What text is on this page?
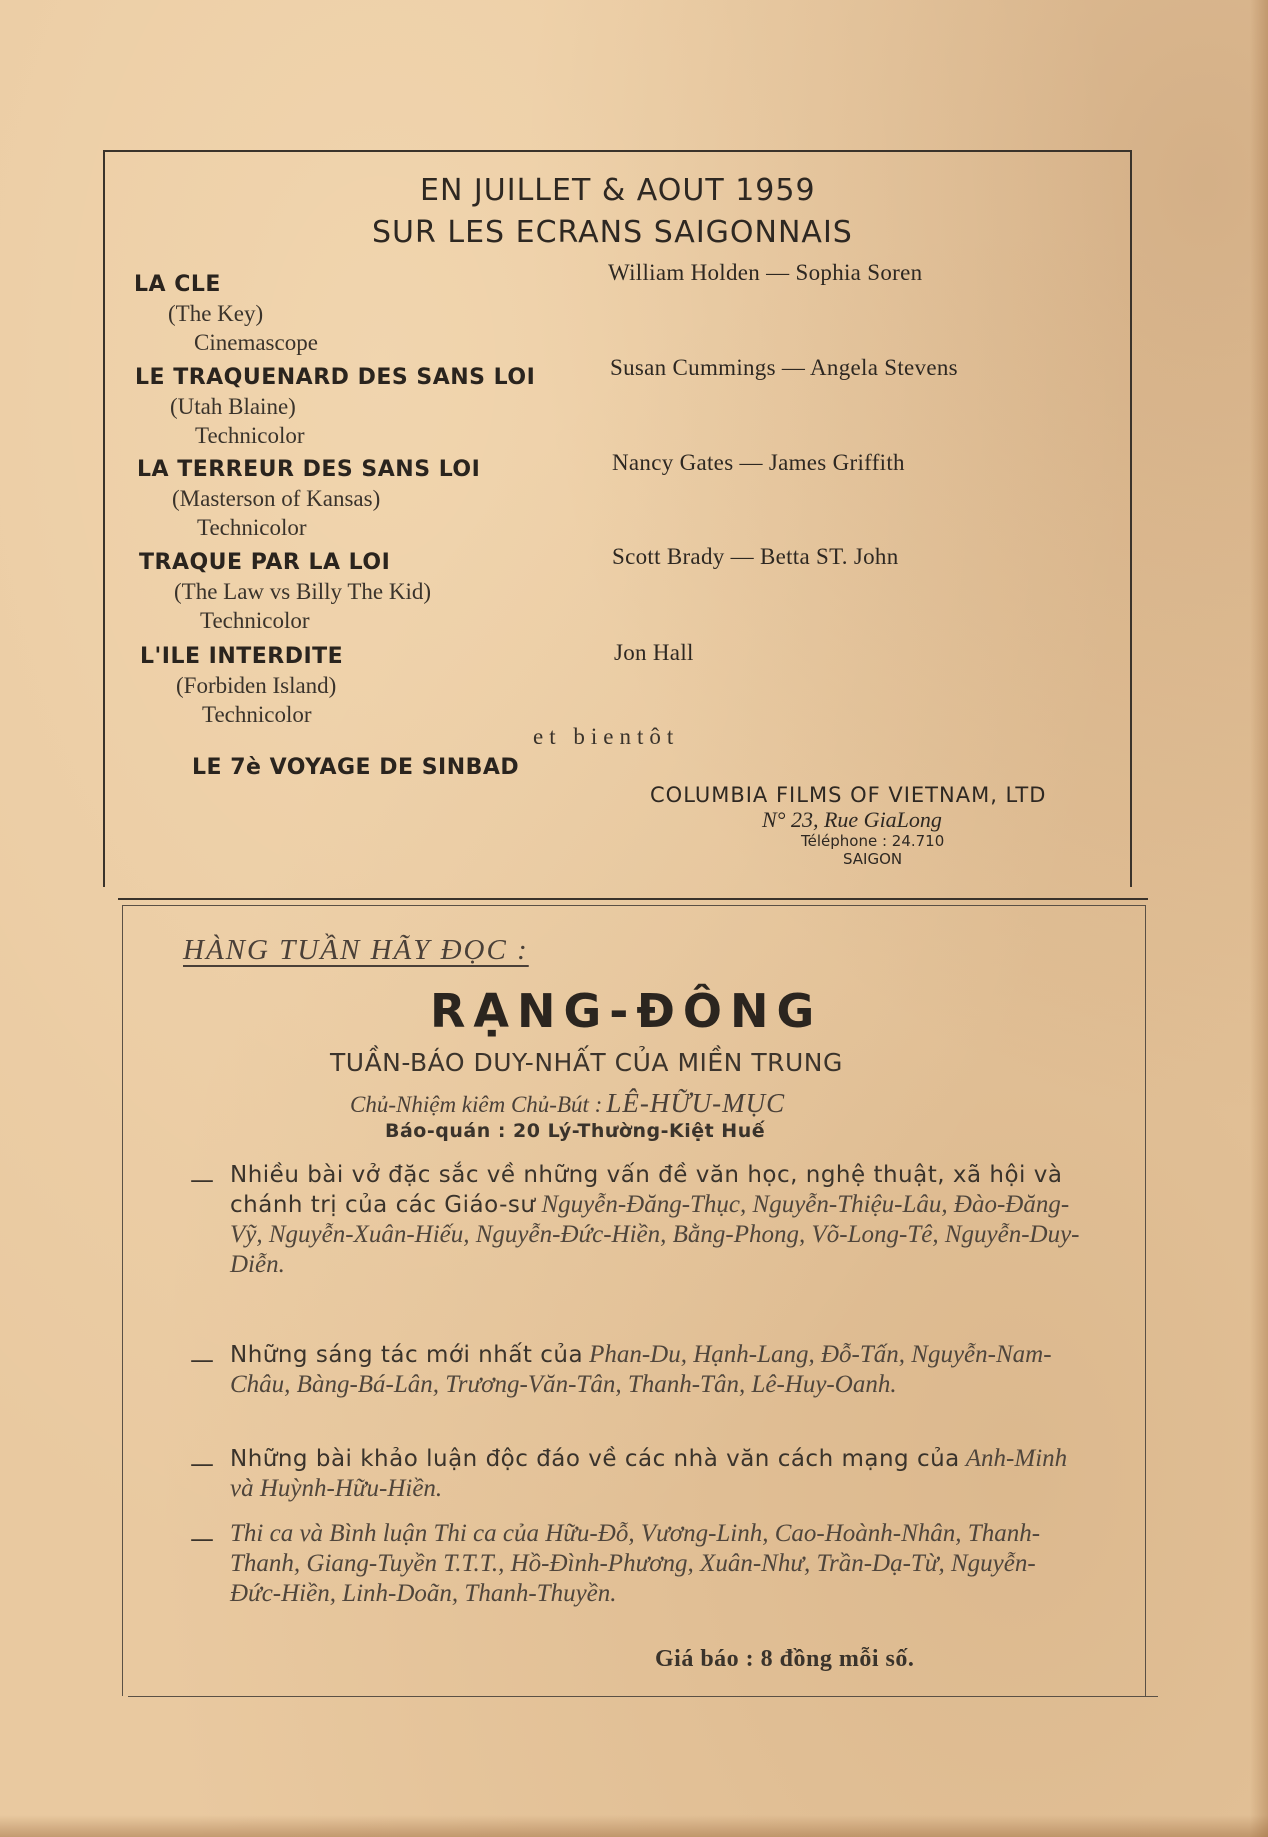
EN JUILLET & AOUT 1959
SUR LES ECRANS SAIGONNAIS
LA CLE
(The Key)
Cinemascope
William Holden — Sophia Soren
LE TRAQUENARD DES SANS LOI
(Utah Blaine)
Technicolor
Susan Cummings — Angela Stevens
LA TERREUR DES SANS LOI
(Masterson of Kansas)
Technicolor
Nancy Gates — James Griffith
TRAQUE PAR LA LOI
(The Law vs Billy The Kid)
Technicolor
Scott Brady — Betta ST. John
L'ILE INTERDITE
(Forbiden Island)
Technicolor
Jon Hall
et bientôt
LE 7è VOYAGE DE SINBAD
COLUMBIA FILMS OF VIETNAM, LTD
N° 23, Rue GiaLong
Téléphone : 24.710
SAIGON
HÀNG TUẦN HÃY ĐỌC :
RẠNG-ĐÔNG
TUẦN-BÁO DUY-NHẤT CỦA MIỀN TRUNG
Chủ-Nhiệm kiêm Chủ-Bút : LÊ-HỮU-MỤC
Báo-quán : 20 Lý-Thường-Kiệt Huế
— Nhiều bài vở đặc sắc về những vấn đề văn học, nghệ thuật, xã hội và chánh trị của các Giáo-sư Nguyễn-Đăng-Thục, Nguyễn-Thiệu-Lâu, Đào-Đăng-Vỹ, Nguyễn-Xuân-Hiếu, Nguyễn-Đức-Hiền, Bằng-Phong, Võ-Long-Tê, Nguyễn-Duy-Diễn.
— Những sáng tác mới nhất của Phan-Du, Hạnh-Lang, Đỗ-Tấn, Nguyễn-Nam-Châu, Bàng-Bá-Lân, Trương-Văn-Tân, Thanh-Tân, Lê-Huy-Oanh.
— Những bài khảo luận độc đáo về các nhà văn cách mạng của Anh-Minh và Huỳnh-Hữu-Hiền.
— Thi ca và Bình luận Thi ca của Hữu-Đỗ, Vương-Linh, Cao-Hoành-Nhân, Thanh-Thanh, Giang-Tuyền T.T.T., Hồ-Đình-Phương, Xuân-Như, Trần-Dạ-Từ, Nguyễn-Đức-Hiền, Linh-Doãn, Thanh-Thuyền.
Giá báo : 8 đồng mỗi số.
